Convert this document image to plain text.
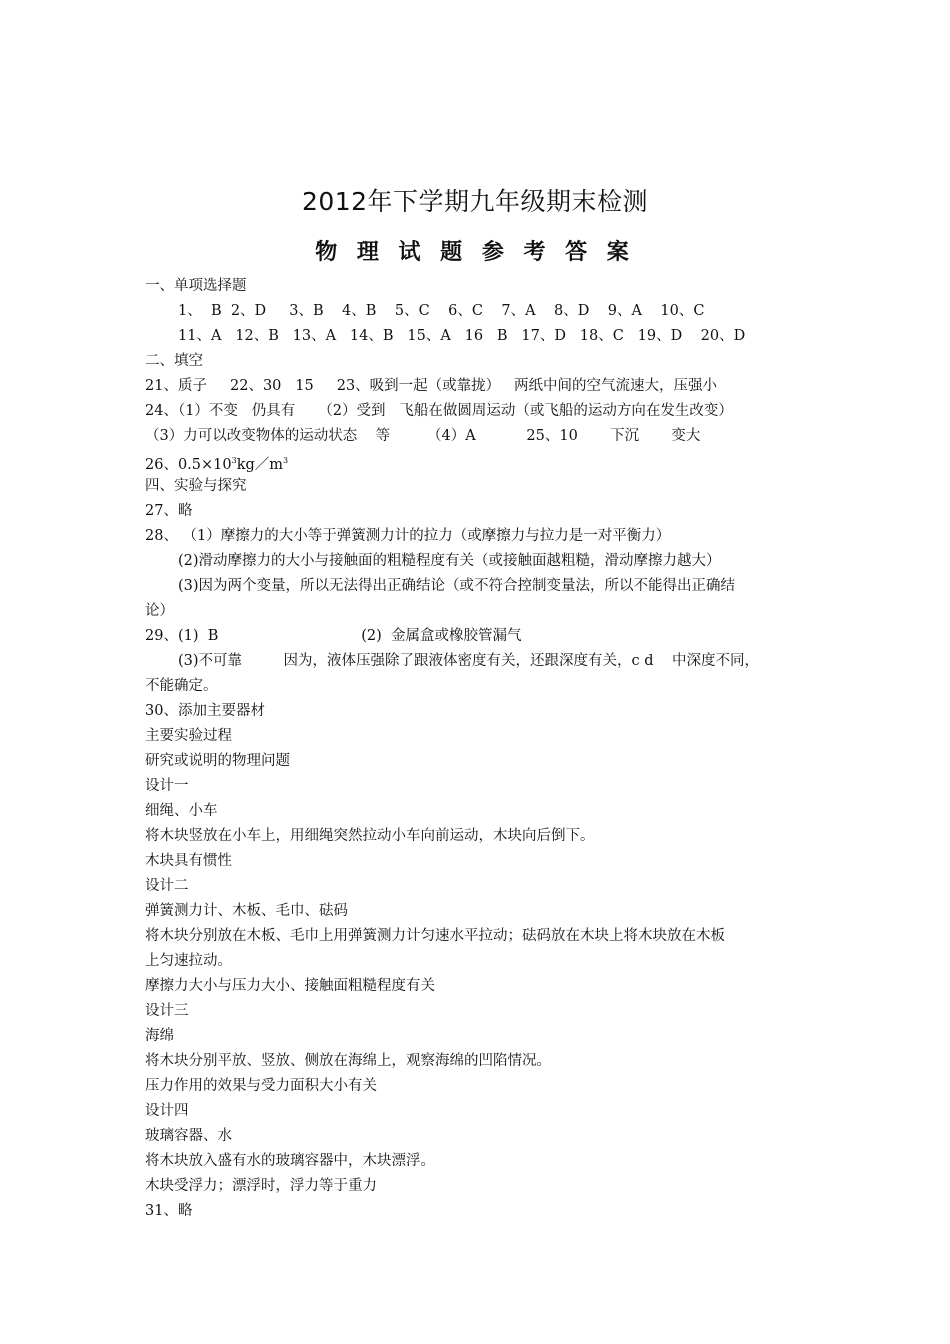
2012年下学期九年级期末检测
物 理 试 题 参 考 答 案
一、单项选择题
1、  B  2、D     3、B    4、B    5、C    6、C    7、A    8、D    9、A    10、C
11、A   12、B   13、A   14、B   15、A   16   B   17、D   18、C   19、D    20、D
二、填空
21、质子     22、30   15     23、吸到一起（或靠拢）   两纸中间的空气流速大，压强小
24、（1）不变   仍具有     （2）受到   飞船在做圆周运动（或飞船的运动方向在发生改变）
（3）力可以改变物体的运动状态    等        （4）A           25、10       下沉       变大
26、$0.5\times 10^3kg/m^3$
四、实验与探究
27、略
28、 （1）摩擦力的大小等于弹簧测力计的拉力（或摩擦力与拉力是一对平衡力）
(2)滑动摩擦力的大小与接触面的粗糙程度有关（或接触面越粗糙，滑动摩擦力越大）
(3)因为两个变量，所以无法得出正确结论（或不符合控制变量法，所以不能得出正确结
论）
29、(1)  B                               (2)  金属盒或橡胶管漏气
(3)不可靠         因为，液体压强除了跟液体密度有关，还跟深度有关，c d    中深度不同，
不能确定。
30、添加主要器材
主要实验过程
研究或说明的物理问题
设计一
细绳、小车
将木块竖放在小车上，用细绳突然拉动小车向前运动，木块向后倒下。
木块具有惯性
设计二
弹簧测力计、木板、毛巾、砝码
将木块分别放在木板、毛巾上用弹簧测力计匀速水平拉动；砝码放在木块上将木块放在木板
上匀速拉动。
摩擦力大小与压力大小、接触面粗糙程度有关
设计三
海绵
将木块分别平放、竖放、侧放在海绵上，观察海绵的凹陷情况。
压力作用的效果与受力面积大小有关
设计四
玻璃容器、水
将木块放入盛有水的玻璃容器中，木块漂浮。
木块受浮力；漂浮时，浮力等于重力
31、略
